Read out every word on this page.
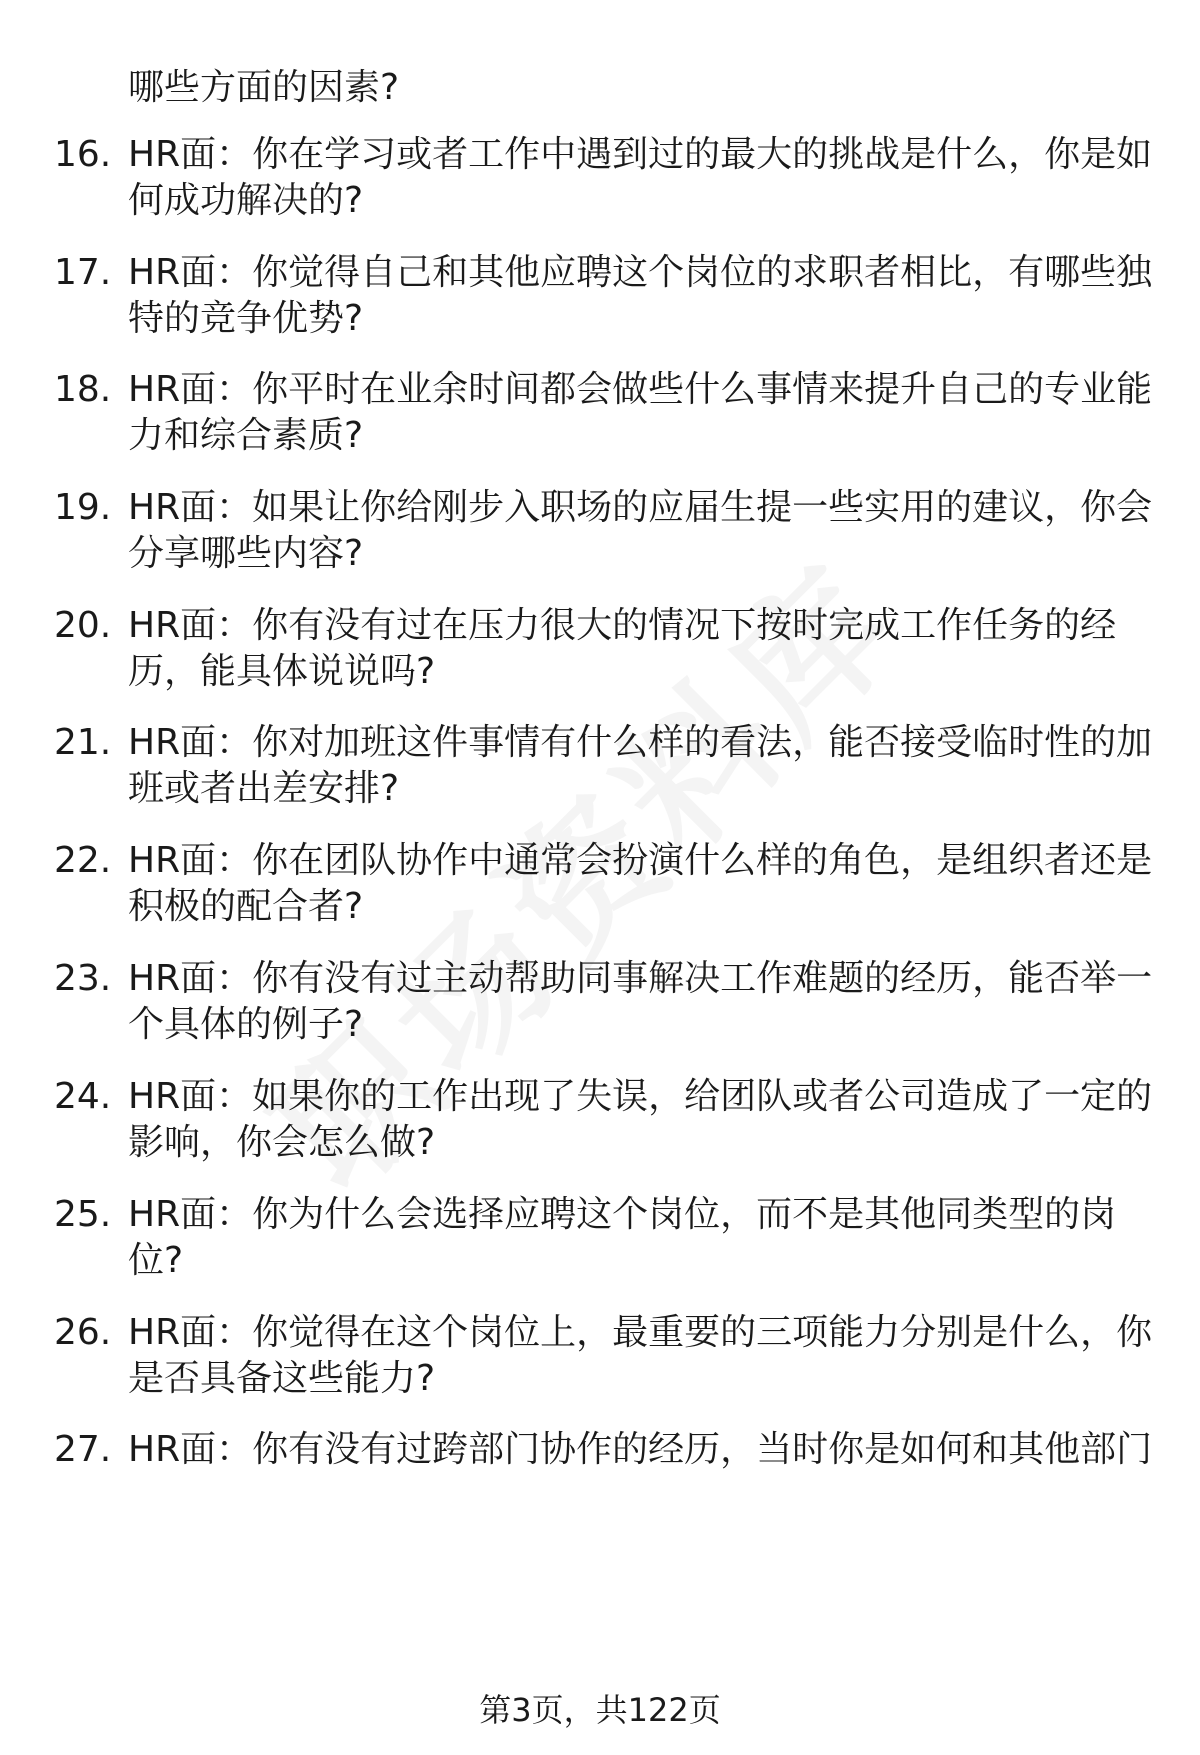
哪些方面的因素?

16. HR面：你在学习或者工作中遇到过的最大的挑战是什么，你是如
何成功解决的?

17. HR面：你觉得自己和其他应聘这个岗位的求职者相比，有哪些独
特的竞争优势?

18. HR面：你平时在业余时间都会做些什么事情来提升自己的专业能
力和综合素质?

19. HR面：如果让你给刚步入职场的应届生提一些实用的建议，你会
分享哪些内容?

20. HR面：你有没有过在压力很大的情况下按时完成工作任务的经
历，能具体说说吗?

21. HR面：你对加班这件事情有什么样的看法，能否接受临时性的加
班或者出差安排?

22. HR面：你在团队协作中通常会扮演什么样的角色，是组织者还是
积极的配合者?

23. HR面：你有没有过主动帮助同事解决工作难题的经历，能否举一
个具体的例子?

24. HR面：如果你的工作出现了失误，给团队或者公司造成了一定的
影响，你会怎么做?

25. HR面：你为什么会选择应聘这个岗位，而不是其他同类型的岗
位?

26. HR面：你觉得在这个岗位上，最重要的三项能力分别是什么，你
是否具备这些能力?

27. HR面：你有没有过跨部门协作的经历，当时你是如何和其他部门

第3页，共122页
